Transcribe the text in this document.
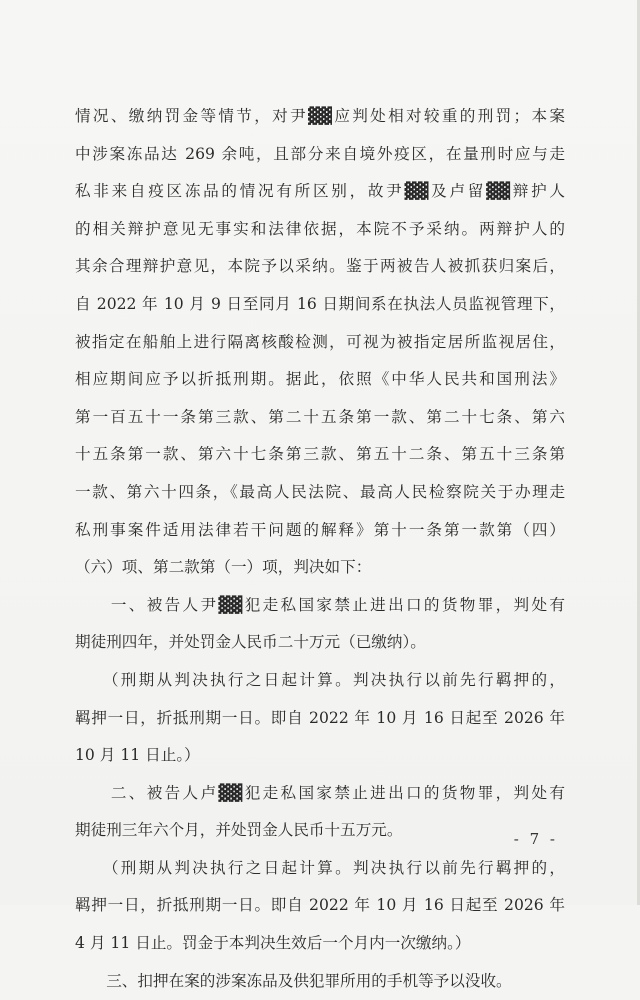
情况、缴纳罚金等情节，对尹▓▓应判处相对较重的刑罚；本案
中涉案冻品达 269 余吨，且部分来自境外疫区，在量刑时应与走
私非来自疫区冻品的情况有所区别，故尹▓▓及卢留▓▓辩护人
的相关辩护意见无事实和法律依据，本院不予采纳。两辩护人的
其余合理辩护意见，本院予以采纳。鉴于两被告人被抓获归案后，
自 2022 年 10 月 9 日至同月 16 日期间系在执法人员监视管理下，
被指定在船舶上进行隔离核酸检测，可视为被指定居所监视居住，
相应期间应予以折抵刑期。据此，依照《中华人民共和国刑法》
第一百五十一条第三款、第二十五条第一款、第二十七条、第六
十五条第一款、第六十七条第三款、第五十二条、第五十三条第
一款、第六十四条，《最高人民法院、最高人民检察院关于办理走
私刑事案件适用法律若干问题的解释》第十一条第一款第（四）
（六）项、第二款第（一）项，判决如下：
　　一、被告人尹▓▓犯走私国家禁止进出口的货物罪，判处有
期徒刑四年，并处罚金人民币二十万元（已缴纳）。
　　（刑期从判决执行之日起计算。判决执行以前先行羁押的，
羁押一日，折抵刑期一日。即自 2022 年 10 月 16 日起至 2026 年
10 月 11 日止。）
　　二、被告人卢▓▓犯走私国家禁止进出口的货物罪，判处有
期徒刑三年六个月，并处罚金人民币十五万元。
　　（刑期从判决执行之日起计算。判决执行以前先行羁押的，
羁押一日，折抵刑期一日。即自 2022 年 10 月 16 日起至 2026 年
4 月 11 日止。罚金于本判决生效后一个月内一次缴纳。）
　　三、扣押在案的涉案冻品及供犯罪所用的手机等予以没收。
- 7 -
